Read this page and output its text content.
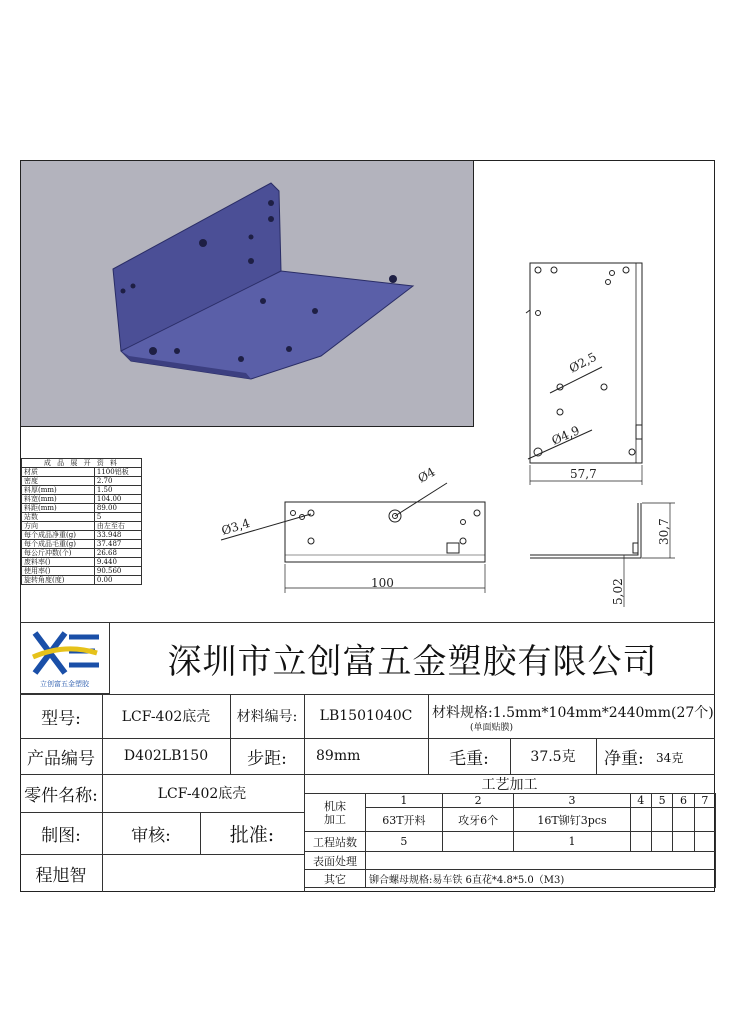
Ø2,5
Ø4,9
57,7
Ø3,4
Ø4
100
30,7
5,02
成 品 展 开 资 料	
材质	1100铝板
密度	2.70
料厚(mm)	1.50
料宽(mm)	104.00
料距(mm)	89.00
站数	5
方向	由左至右
每个成品净重(g)	33.948
每个成品毛重(g)	37.487
每公斤冲数(个)	26.68
废料率()	9.440
使用率()	90.560
旋转角度(度)	0.00
立创富五金塑胶
深圳市立创富五金塑胶有限公司
型号:	LCF-402底壳	材料编号:	LB1501040C	材料规格:1.5mm*104mm*2440mm(27个)
(单面贴膜)
产品编号	D402LB150	步距:	89mm	毛重:	37.5克	净重: 34克
零件名称:	LCF-402底壳
制图:	审核:	批准:
程旭智
工艺加工
机床
加工	1	2	3	4	5	6	7
	63T开料	攻牙6个	16T铆钉3pcs				
工程站数	5		1				
表面处理							
其它	铆合螺母规格:易车铁 6直花*4.8*5.0（M3)						
